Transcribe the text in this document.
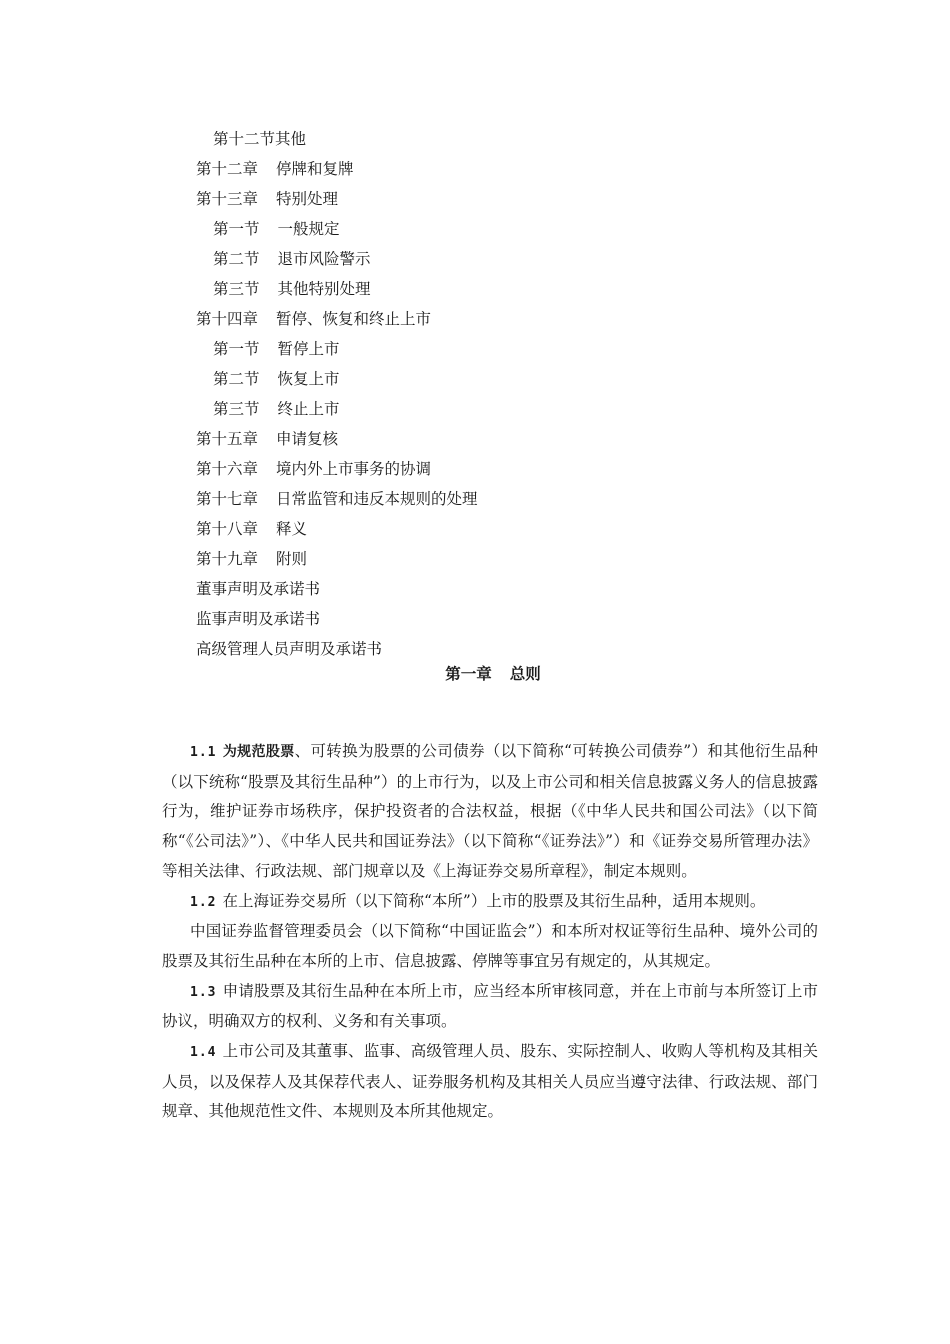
第十二节其他
第十二章 停牌和复牌
第十三章 特别处理
第一节 一般规定
第二节 退市风险警示
第三节 其他特别处理
第十四章 暂停、恢复和终止上市
第一节 暂停上市
第二节 恢复上市
第三节 终止上市
第十五章 申请复核
第十六章 境内外上市事务的协调
第十七章 日常监管和违反本规则的处理
第十八章 释义
第十九章 附则
董事声明及承诺书
监事声明及承诺书
高级管理人员声明及承诺书
第一章 总则

1.1 为规范股票、可转换为股票的公司债券（以下简称“可转换公司债券”）和其他衍生品种（以下统称“股票及其衍生品种”）的上市行为，以及上市公司和相关信息披露义务人的信息披露行为，维护证券市场秩序，保护投资者的合法权益，根据（《中华人民共和国公司法》（以下简称“《公司法》”）、《中华人民共和国证券法》（以下简称“《证券法》”）和《证券交易所管理办法》等相关法律、行政法规、部门规章以及《上海证券交易所章程》，制定本规则。

1.2 在上海证券交易所（以下简称“本所”）上市的股票及其衍生品种，适用本规则。

中国证券监督管理委员会（以下简称“中国证监会”）和本所对权证等衍生品种、境外公司的股票及其衍生品种在本所的上市、信息披露、停牌等事宜另有规定的，从其规定。

1.3 申请股票及其衍生品种在本所上市，应当经本所审核同意，并在上市前与本所签订上市协议，明确双方的权利、义务和有关事项。

1.4 上市公司及其董事、监事、高级管理人员、股东、实际控制人、收购人等机构及其相关人员，以及保荐人及其保荐代表人、证券服务机构及其相关人员应当遵守法律、行政法规、部门规章、其他规范性文件、本规则及本所其他规定。
